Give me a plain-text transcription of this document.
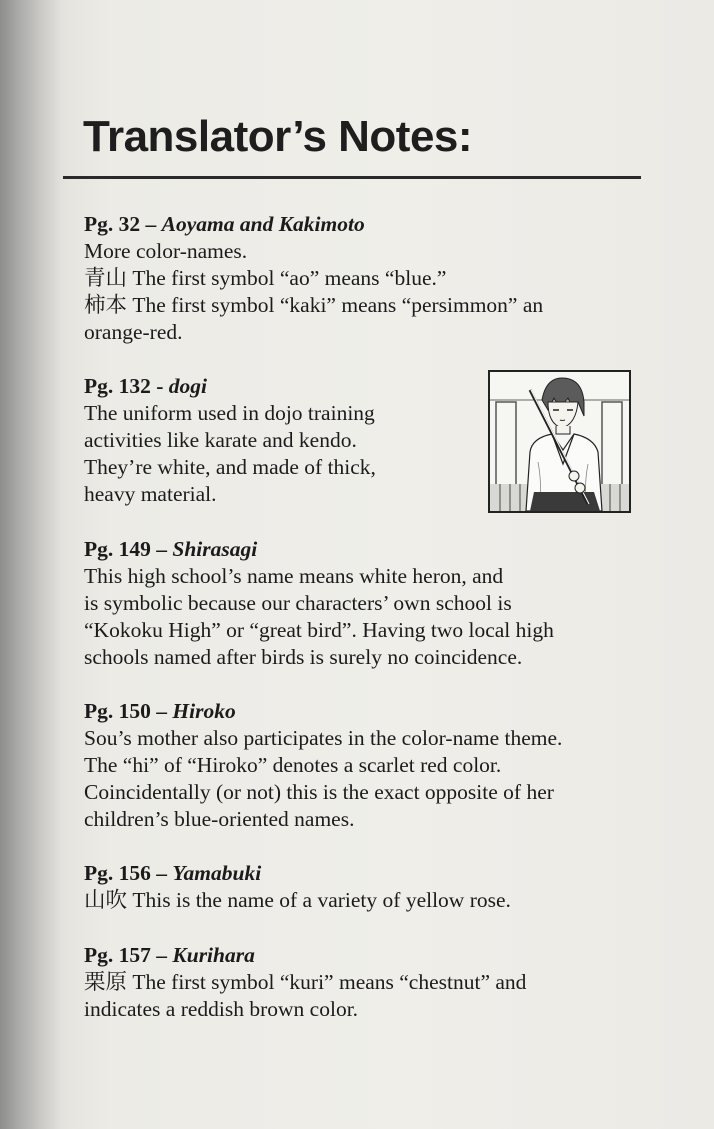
Translator’s Notes:
Pg. 32 – Aoyama and Kakimoto
More color-names.
青山 The first symbol “ao” means “blue.”
柿本 The first symbol “kaki” means “persimmon” an
orange-red.
Pg. 132 - dogi
The uniform used in dojo training
activities like karate and kendo.
They’re white, and made of thick,
heavy material.
Pg. 149 – Shirasagi
This high school’s name means white heron, and
is symbolic because our characters’ own school is
“Kokoku High” or “great bird”. Having two local high
schools named after birds is surely no coincidence.
Pg. 150 – Hiroko
Sou’s mother also participates in the color-name theme.
The “hi” of “Hiroko” denotes a scarlet red color.
Coincidentally (or not) this is the exact opposite of her
children’s blue-oriented names.
Pg. 156 – Yamabuki
山吹 This is the name of a variety of yellow rose.
Pg. 157 – Kurihara
栗原 The first symbol “kuri” means “chestnut” and
indicates a reddish brown color.
